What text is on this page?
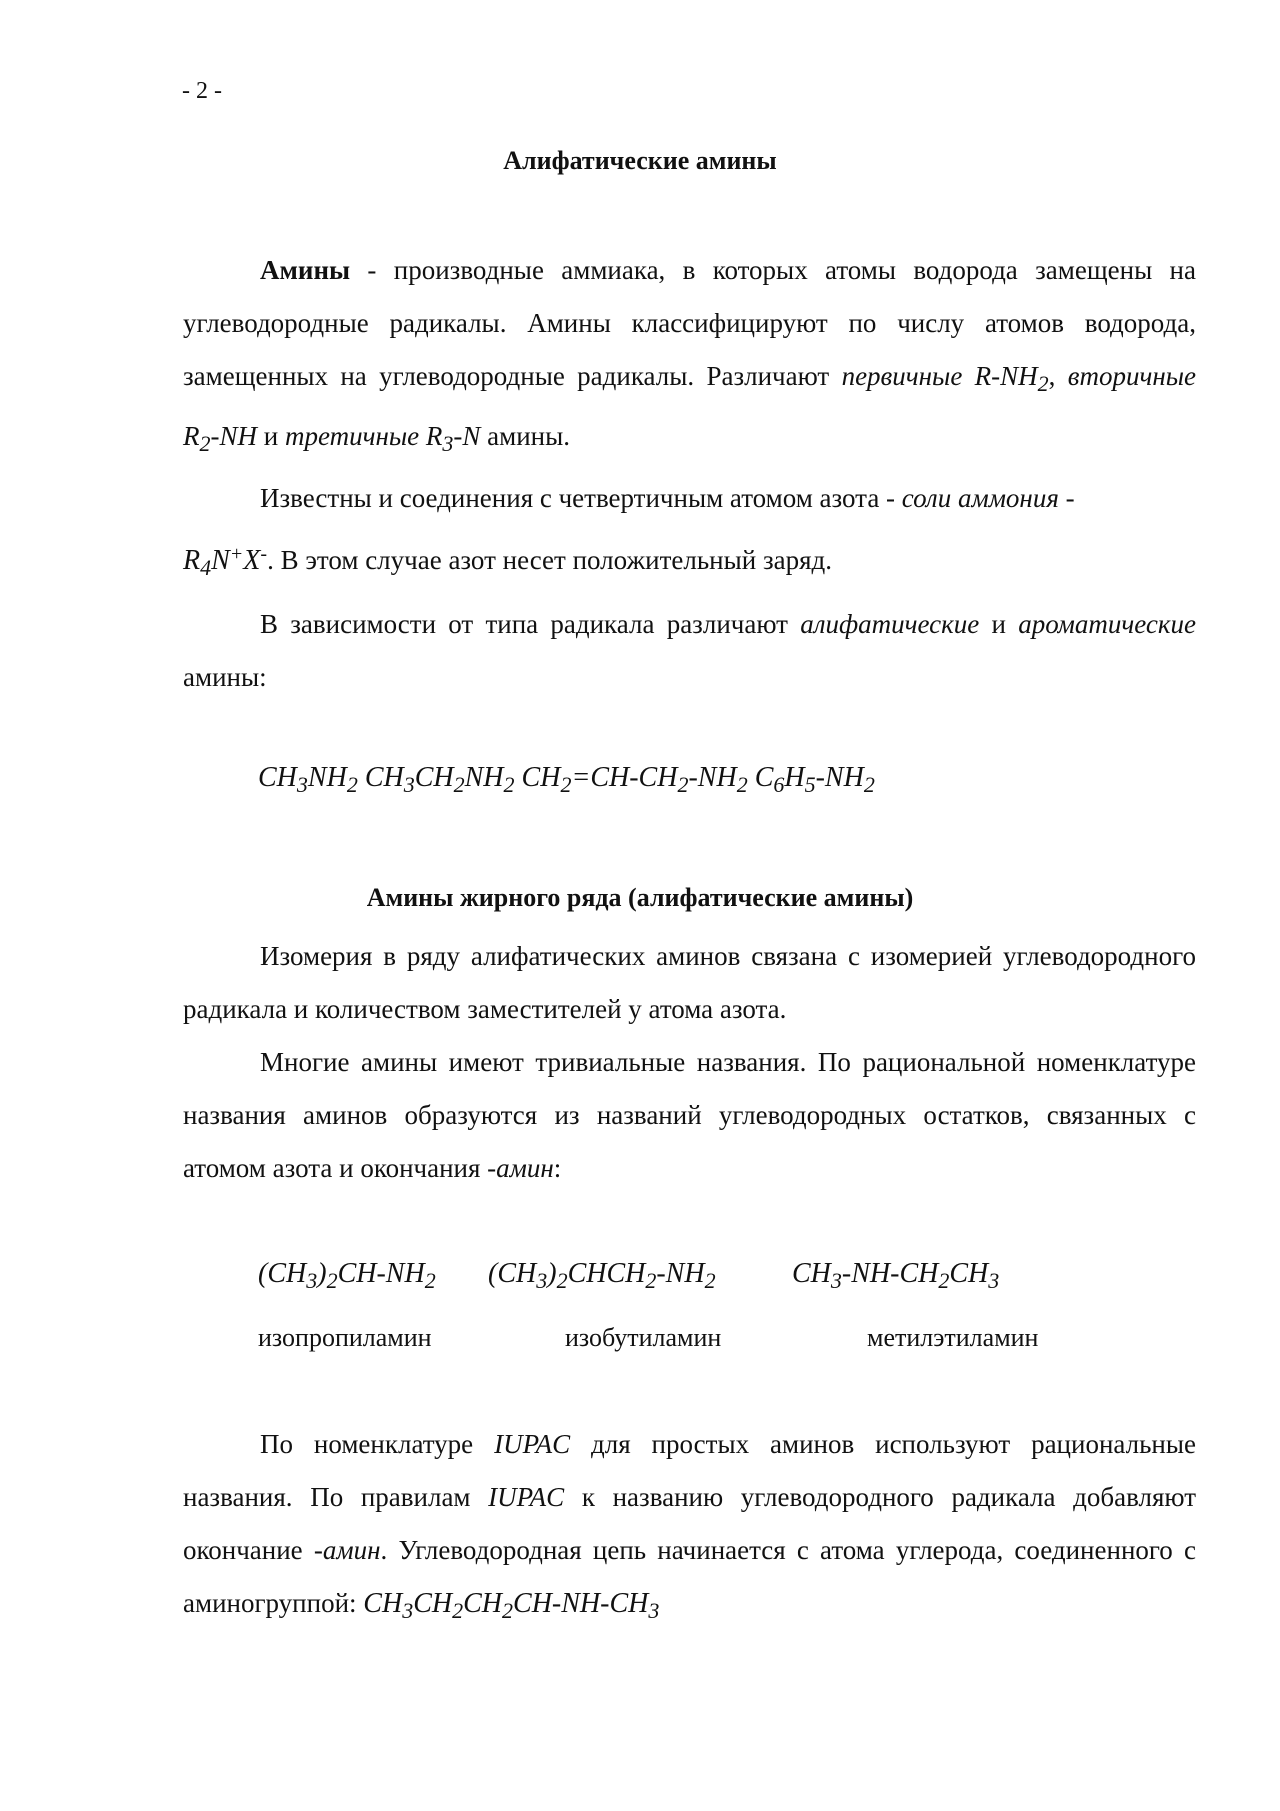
- 2 -
Алифатические амины

Амины - производные аммиака, в которых атомы водорода замещены на углеводородные радикалы. Амины классифицируют по числу атомов водорода, замещенных на углеводородные радикалы. Различают первичные $R-NH_2$, вторичные $R_2-NH$ и третичные $R_3-N$ амины.

Известны и соединения с четвертичным атомом азота - соли аммония -
$R_4N^+X^-$. В этом случае азот несет положительный заряд.

В зависимости от типа радикала различают алифатические и ароматические амины:

$CH_3NH_2$ $CH_3CH_2NH_2$ $CH_2=CH-CH_2-NH_2$ $C_6H_5-NH_2$
Амины жирного ряда (алифатические амины)

Изомерия в ряду алифатических аминов связана с изомерией углеводородного радикала и количеством заместителей у атома азота.

Многие амины имеют тривиальные названия. По рациональной номенклатуре названия аминов образуются из названий углеводородных остатков, связанных с атомом азота и окончания -амин:

$(CH_3)_2CH-NH_2$ $(CH_3)_2CHCH_2-NH_2$	$CH_3-NH-CH_2CH_3$
изопропиламин	изобутиламин	метилэтиламин

По номенклатуре IUPAC для простых аминов используют рациональные названия. По правилам IUPAC к названию углеводородного радикала добавляют окончание -амин. Углеводородная цепь начинается с атома углерода, соединенного с аминогруппой: $CH_3CH_2CH_2CH-NH-CH_3$
